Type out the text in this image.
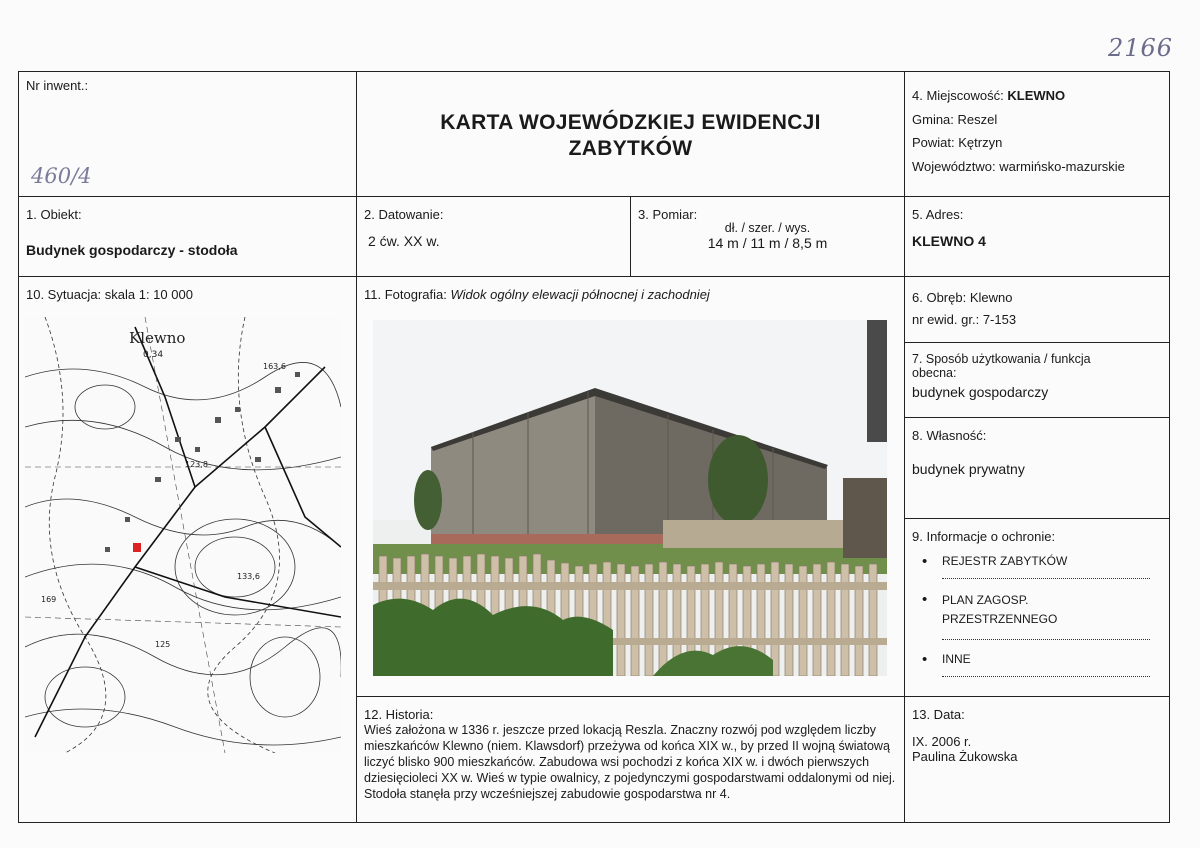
2166
Nr inwent.:
460/4
KARTA WOJEWÓDZKIEJ EWIDENCJI
ZABYTKÓW
4. Miejscowość: KLEWNO
Gmina: Reszel
Powiat: Kętrzyn
Województwo: warmińsko-mazurskie
1. Obiekt:
Budynek gospodarczy - stodoła
2. Datowanie:
2 ćw. XX w.
3. Pomiar:
dł. / szer. / wys.
14 m / 11 m / 8,5 m
5. Adres:
KLEWNO 4
10. Sytuacja: skala 1: 10 000
Klewno
0,34
163,6
123,8
169
125
133,6
11. Fotografia: Widok ogólny elewacji północnej i zachodniej	6. Obręb: Klewno
nr ewid. gr.: 7-153
7. Sposób użytkowania / funkcja obecna:
budynek gospodarczy
8. Własność:
budynek prywatny
9. Informacje o ochronie:
• REJESTR ZABYTKÓW
• PLAN ZAGOSP. PRZESTRZENNEGO
• INNE
12. Historia:
Wieś założona w 1336 r. jeszcze przed lokacją Reszla. Znaczny rozwój pod względem liczby mieszkańców Klewno (niem. Klawsdorf) przeżywa od końca XIX w., by przed II wojną światową liczyć blisko 900 mieszkańców. Zabudowa wsi pochodzi z końca XIX w. i dwóch pierwszych dziesięcioleci XX w. Wieś w typie owalnicy, z pojedynczymi gospodarstwami oddalonymi od niej. Stodoła stanęła przy wcześniejszej zabudowie gospodarstwa nr 4.
13. Data:
IX. 2006 r.
Paulina Żukowska
